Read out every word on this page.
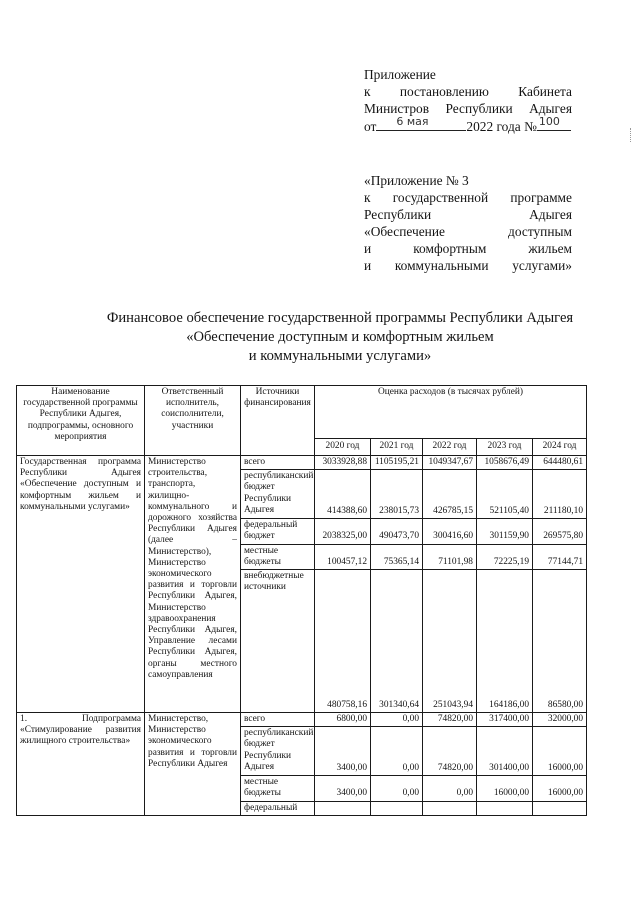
Приложение
к постановлению Кабинета
Министров Республики Адыгея
от 6 мая	2022 года № 100
«Приложение № 3
к государственной программе
Республики	Адыгея
«Обеспечение	доступным
и	комфортным	жильем
и коммунальными услугами»
Финансовое обеспечение государственной программы Республики Адыгея
«Обеспечение доступным и комфортным жильем
и коммунальными услугами»
Наименование государственной программы Республики Адыгея, подпрограммы, основного мероприятия	Ответственный исполнитель, соисполнители, участники	Источники финансирования	Оценка расходов (в тысячах рублей)				
			2020 год	2021 год	2022 год	2023 год	2024 год
Государственная программа Республики Адыгея «Обеспечение доступным и комфортным жильем и коммунальными услугами»	Министерство строительства, транспорта, жилищно-коммунального и дорожного хозяйства Республики Адыгея (далее – Министерство), Министерство экономического развития и торговли Республики Адыгея, Министерство здравоохранения Республики Адыгея, Управление лесами Республики Адыгея, органы местного самоуправления	всего	3033928,88	1105195,21	1049347,67	1058676,49	644480,61
		республиканский бюджет Республики Адыгея	414388,60	238015,73	426785,15	521105,40	211180,10
		федеральный бюджет	2038325,00	490473,70	300416,60	301159,90	269575,80
		местные бюджеты	100457,12	75365,14	71101,98	72225,19	77144,71
		внебюджетные источники	480758,16	301340,64	251043,94	164186,00	86580,00
1. Подпрограмма «Стимулирование развития жилищного строительства»	Министерство, Министерство экономического развития и торговли Республики Адыгея	всего	6800,00	0,00	74820,00	317400,00	32000,00
		республиканский бюджет Республики Адыгея	3400,00	0,00	74820,00	301400,00	16000,00
		местные бюджеты	3400,00	0,00	0,00	16000,00	16000,00
		федеральный					
